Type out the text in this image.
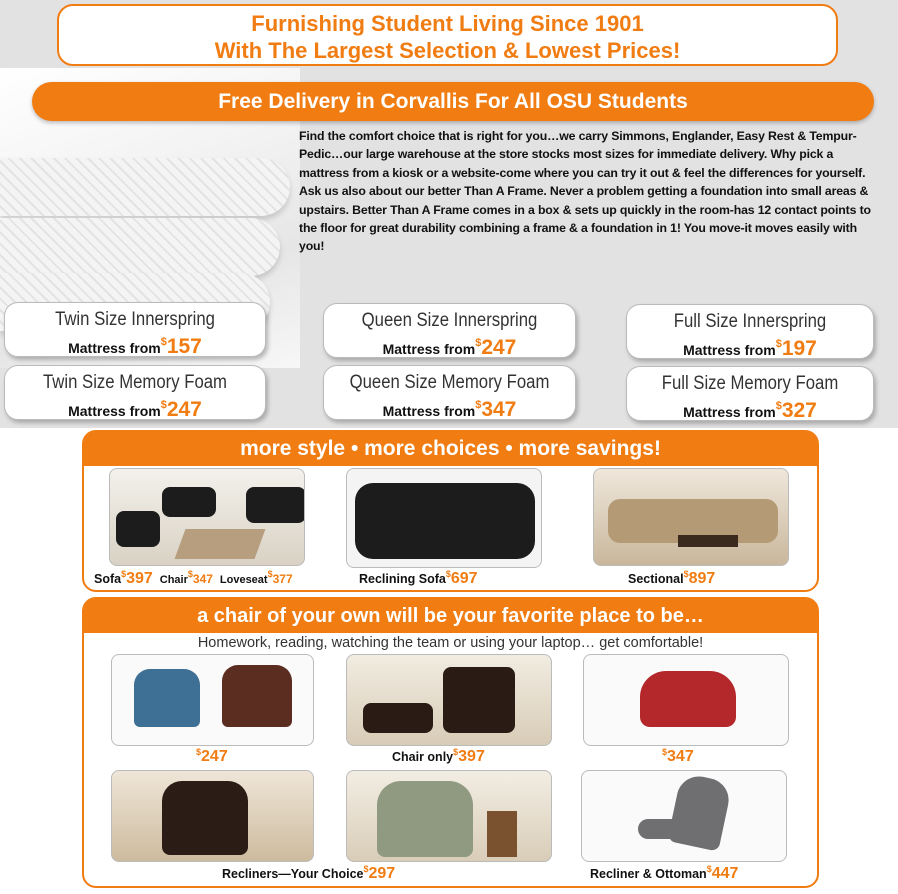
Furnishing Student Living Since 1901
With The Largest Selection & Lowest Prices!
Free Delivery in Corvallis For All OSU Students
Find the comfort choice that is right for you…we carry Simmons, Englander, Easy Rest & Tempur-Pedic…our large warehouse at the store stocks most sizes for immediate delivery. Why pick a mattress from a kiosk or a website-come where you can try it out & feel the differences for yourself. Ask us also about our better Than A Frame. Never a problem getting a foundation into small areas & upstairs. Better Than A Frame comes in a box & sets up quickly in the room-has 12 contact points to the floor for great durability combining a frame & a foundation in 1! You move-it moves easily with you!
Twin Size Innerspring
Mattress from$157
Queen Size Innerspring
Mattress from$247
Full Size Innerspring
Mattress from$197
Twin Size Memory Foam
Mattress from$247
Queen Size Memory Foam
Mattress from$347
Full Size Memory Foam
Mattress from$327
more style • more choices • more savings!
Sofa$397 Chair$347 Loveseat$377	Reclining Sofa$697	Sectional$897
a chair of your own will be your favorite place to be…
Homework, reading, watching the team or using your laptop… get comfortable!
$247	Chair only$397	$347
Recliners—Your Choice$297	Recliner & Ottoman$447
